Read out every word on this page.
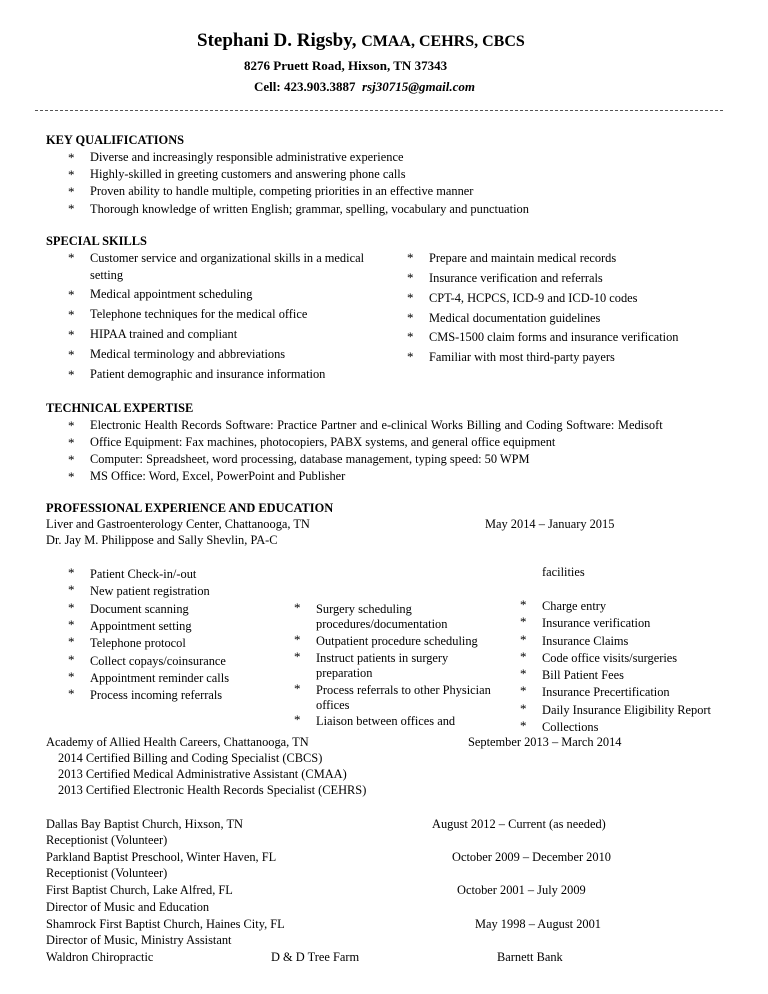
Stephani D. Rigsby, CMAA, CEHRS, CBCS
8276 Pruett Road, Hixson, TN 37343
Cell: 423.903.3887 rsj30715@gmail.com
KEY QUALIFICATIONS
* Diverse and increasingly responsible administrative experience
* Highly-skilled in greeting customers and answering phone calls
* Proven ability to handle multiple, competing priorities in an effective manner
* Thorough knowledge of written English; grammar, spelling, vocabulary and punctuation
SPECIAL SKILLS
* Customer service and organizational skills in a medical
setting
* Medical appointment scheduling
* Telephone techniques for the medical office
* HIPAA trained and compliant
* Medical terminology and abbreviations
* Patient demographic and insurance information
* Prepare and maintain medical records
* Insurance verification and referrals
* CPT-4, HCPCS, ICD-9 and ICD-10 codes
* Medical documentation guidelines
* CMS-1500 claim forms and insurance verification
* Familiar with most third-party payers
TECHNICAL EXPERTISE
* Electronic Health Records Software: Practice Partner and e-clinical Works Billing and Coding Software: Medisoft
* Office Equipment: Fax machines, photocopiers, PABX systems, and general office equipment
* Computer: Spreadsheet, word processing, database management, typing speed: 50 WPM
* MS Office: Word, Excel, PowerPoint and Publisher
PROFESSIONAL EXPERIENCE AND EDUCATION
Liver and Gastroenterology Center, Chattanooga, TN	May 2014 – January 2015
Dr. Jay M. Philippose and Sally Shevlin, PA-C
* Patient Check-in/-out
* New patient registration
* Document scanning
* Appointment setting
* Telephone protocol
* Collect copays/coinsurance
* Appointment reminder calls
* Process incoming referrals
* Surgery scheduling
procedures/documentation
* Outpatient procedure scheduling
* Instruct patients in surgery
preparation
* Process referrals to other Physician
offices
* Liaison between offices and
facilities
* Charge entry
* Insurance verification
* Insurance Claims
* Code office visits/surgeries
* Bill Patient Fees
* Insurance Precertification
* Daily Insurance Eligibility Report
* Collections
Academy of Allied Health Careers, Chattanooga, TN	September 2013 – March 2014
2014 Certified Billing and Coding Specialist (CBCS)
2013 Certified Medical Administrative Assistant (CMAA)
2013 Certified Electronic Health Records Specialist (CEHRS)
Dallas Bay Baptist Church, Hixson, TN	August 2012 – Current (as needed)
Receptionist (Volunteer)
Parkland Baptist Preschool, Winter Haven, FL	October 2009 – December 2010
Receptionist (Volunteer)
First Baptist Church, Lake Alfred, FL	October 2001 – July 2009
Director of Music and Education
Shamrock First Baptist Church, Haines City, FL	May 1998 – August 2001
Director of Music, Ministry Assistant
Waldron Chiropractic	D & D Tree Farm	Barnett Bank
